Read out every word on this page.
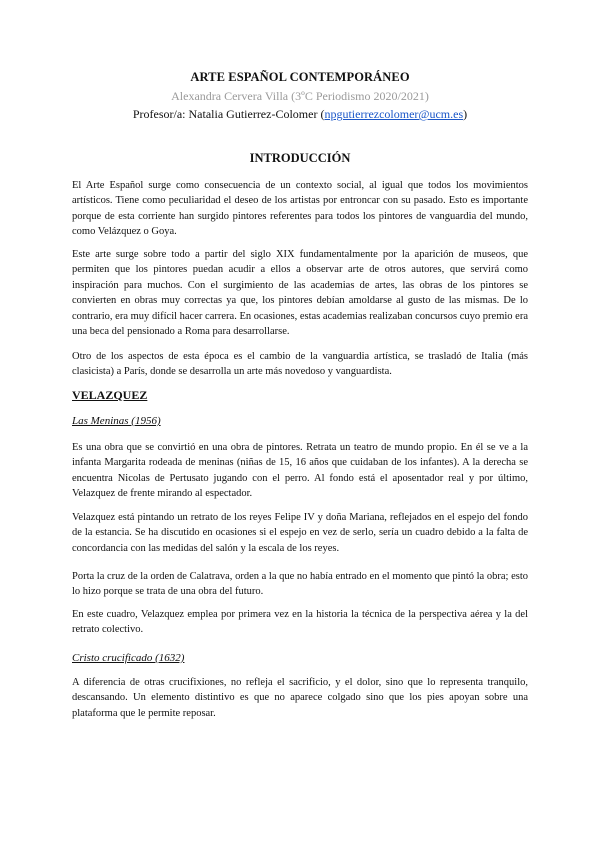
ARTE ESPAÑOL CONTEMPORÁNEO
Alexandra Cervera Villa (3ºC Periodismo 2020/2021)
Profesor/a: Natalia Gutierrez-Colomer (npgutierrezcolomer@ucm.es)
INTRODUCCIÓN

El Arte Español surge como consecuencia de un contexto social, al igual que todos los movimientos artísticos. Tiene como peculiaridad el deseo de los artistas por entroncar con su pasado. Esto es importante porque de esta corriente han surgido pintores referentes para todos los pintores de vanguardia del mundo, como Velázquez o Goya.

Este arte surge sobre todo a partir del siglo XIX fundamentalmente por la aparición de museos, que permiten que los pintores puedan acudir a ellos a observar arte de otros autores, que servirá como inspiración para muchos. Con el surgimiento de las academias de artes, las obras de los pintores se convierten en obras muy correctas ya que, los pintores debían amoldarse al gusto de las mismas. De lo contrario, era muy difícil hacer carrera. En ocasiones, estas academias realizaban concursos cuyo premio era una beca del pensionado a Roma para desarrollarse.

Otro de los aspectos de esta época es el cambio de la vanguardia artística, se trasladó de Italia (más clasicista) a París, donde se desarrolla un arte más novedoso y vanguardista.

VELAZQUEZ
Las Meninas (1956)

Es una obra que se convirtió en una obra de pintores. Retrata un teatro de mundo propio. En él se ve a la infanta Margarita rodeada de meninas (niñas de 15, 16 años que cuidaban de los infantes). A la derecha se encuentra Nicolas de Pertusato jugando con el perro. Al fondo está el aposentador real y por último, Velazquez de frente mirando al espectador.

Velazquez está pintando un retrato de los reyes Felipe IV y doña Mariana, reflejados en el espejo del fondo de la estancia. Se ha discutido en ocasiones si el espejo en vez de serlo, sería un cuadro debido a la falta de concordancia con las medidas del salón y la escala de los reyes.

Porta la cruz de la orden de Calatrava, orden a la que no había entrado en el momento que pintó la obra; esto lo hizo porque se trata de una obra del futuro.

En este cuadro, Velazquez emplea por primera vez en la historia la técnica de la perspectiva aérea y la del retrato colectivo.

Cristo crucificado (1632)

A diferencia de otras crucifixiones, no refleja el sacrificio, y el dolor, sino que lo representa tranquilo, descansando. Un elemento distintivo es que no aparece colgado sino que los pies apoyan sobre una plataforma que le permite reposar.
